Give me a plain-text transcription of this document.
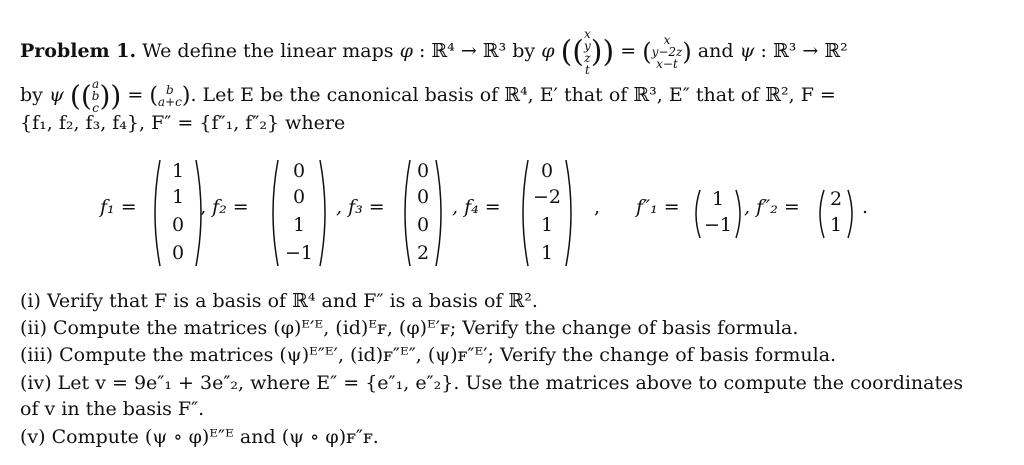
Problem 1. We define the linear maps φ : ℝ⁴ → ℝ³ by φ ((
x
y
z
t
)) = ( x
y−2z
x−t ) and ψ : ℝ³ → ℝ²
by ψ (( a
b
c )) = ( b
a+c ). Let E be the canonical basis of ℝ⁴, E′ that of ℝ³, E″ that of ℝ², F =
{f₁, f₂, f₃, f₄}, F″ = {f″₁, f″₂} where
f₁ =
1
1
0
0
, f₂ =
0
0
1
−1
, f₃ =
0
0
0
2
, f₄ =
0
−2
1
1
, f″₁ =	1
−1
, f″₂ =	2
1
.
(i) Verify that F is a basis of ℝ⁴ and F″ is a basis of ℝ².
(ii) Compute the matrices (φ)ᴱ′ᴱ, (id)ᴱꜰ, (φ)ᴱ′ꜰ; Verify the change of basis formula.
(iii) Compute the matrices (ψ)ᴱ″ᴱ′, (id)ꜰ″ᴱ″, (ψ)ꜰ″ᴱ′; Verify the change of basis formula.
(iv) Let v = 9e″₁ + 3e″₂, where E″ = {e″₁, e″₂}. Use the matrices above to compute the coordinates
of v in the basis F″.
(v) Compute (ψ ∘ φ)ᴱ″ᴱ and (ψ ∘ φ)ꜰ″ꜰ.
